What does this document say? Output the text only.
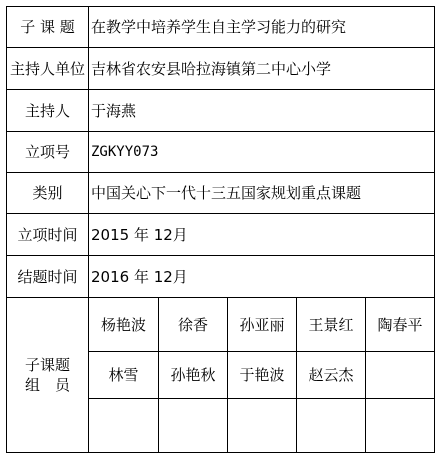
子 课 题	在教学中培养学生自主学习能力的研究
主持人单位 吉林省农安县哈拉海镇第二中心小学
主持人	于海燕
立项号	ZGKYY073
类别	中国关心下一代十三五国家规划重点课题
立项时间 2015 年 12月
结题时间 2016 年 12月
子课题
组　员
杨艳波	徐香	孙亚丽	王景红	陶春平
林雪	孙艳秋	于艳波	赵云杰
